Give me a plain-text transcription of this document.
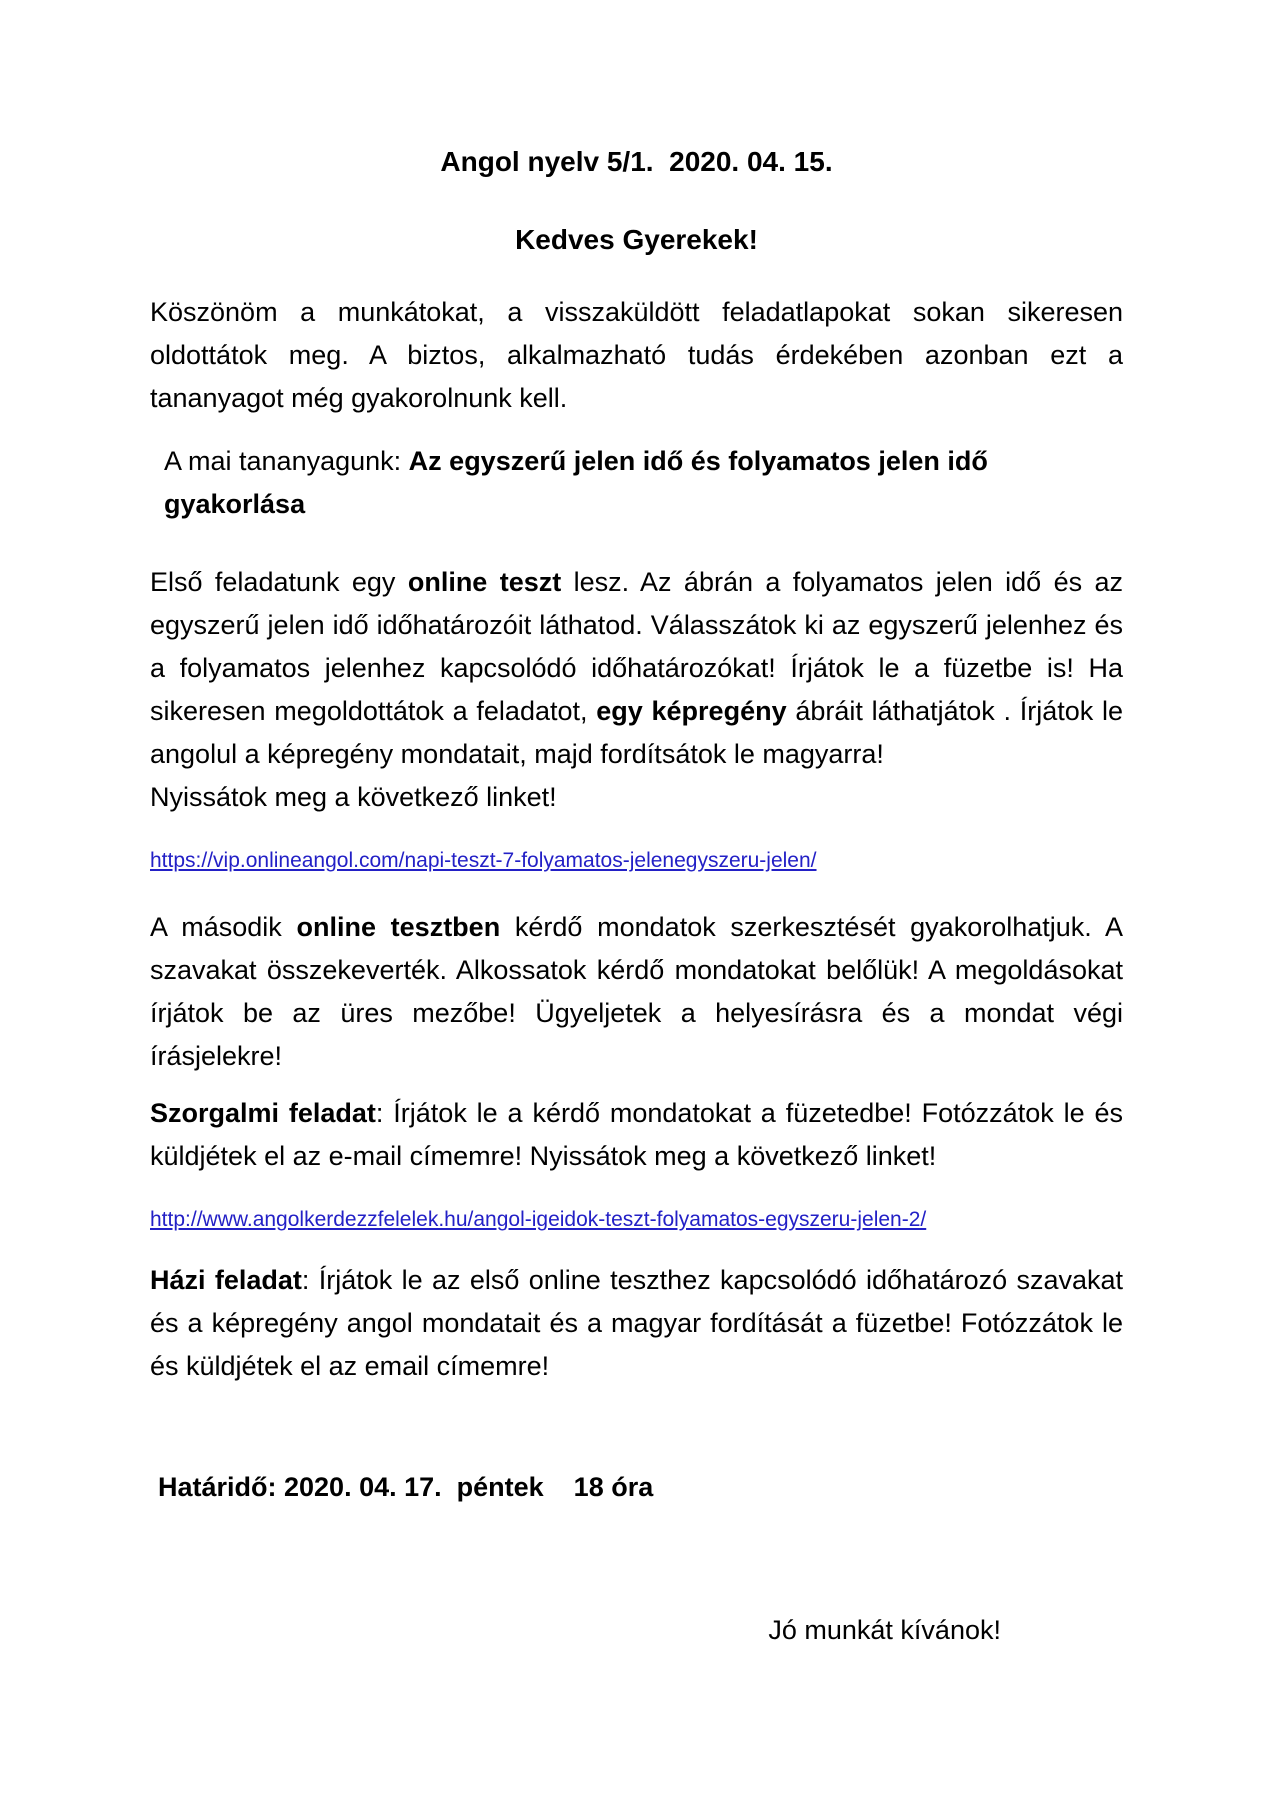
Angol nyelv 5/1.  2020. 04. 15.
Kedves Gyerekek!

Köszönöm a munkátokat, a visszaküldött feladatlapokat sokan sikeresen oldottátok meg. A biztos, alkalmazható tudás érdekében azonban ezt a tananyagot még gyakorolnunk kell.

A mai tananyagunk: Az egyszerű jelen idő és folyamatos jelen idő gyakorlása

Első feladatunk egy online teszt lesz. Az ábrán a folyamatos jelen idő és az egyszerű jelen idő időhatározóit láthatod. Válasszátok ki az egyszerű jelenhez és a folyamatos jelenhez kapcsolódó időhatározókat! Írjátok le a füzetbe is! Ha sikeresen megoldottátok a feladatot, egy képregény ábráit láthatjátok . Írjátok le angolul a képregény mondatait, majd fordítsátok le magyarra!

Nyissátok meg a következő linket!

https://vip.onlineangol.com/napi-teszt-7-folyamatos-jelenegyszeru-jelen/

A második online tesztben kérdő mondatok szerkesztését gyakorolhatjuk. A szavakat összekeverték. Alkossatok kérdő mondatokat belőlük! A megoldásokat írjátok be az üres mezőbe! Ügyeljetek a helyesírásra és a mondat végi írásjelekre!

Szorgalmi feladat: Írjátok le a kérdő mondatokat a füzetedbe! Fotózzátok le és küldjétek el az e-mail címemre! Nyissátok meg a következő linket!

http://www.angolkerdezzfelelek.hu/angol-igeidok-teszt-folyamatos-egyszeru-jelen-2/

Házi feladat: Írjátok le az első online teszthez kapcsolódó időhatározó szavakat és a képregény angol mondatait és a magyar fordítását a füzetbe! Fotózzátok le és küldjétek el az email címemre!

Határidő: 2020. 04. 17.  péntek    18 óra

Jó munkát kívánok!
